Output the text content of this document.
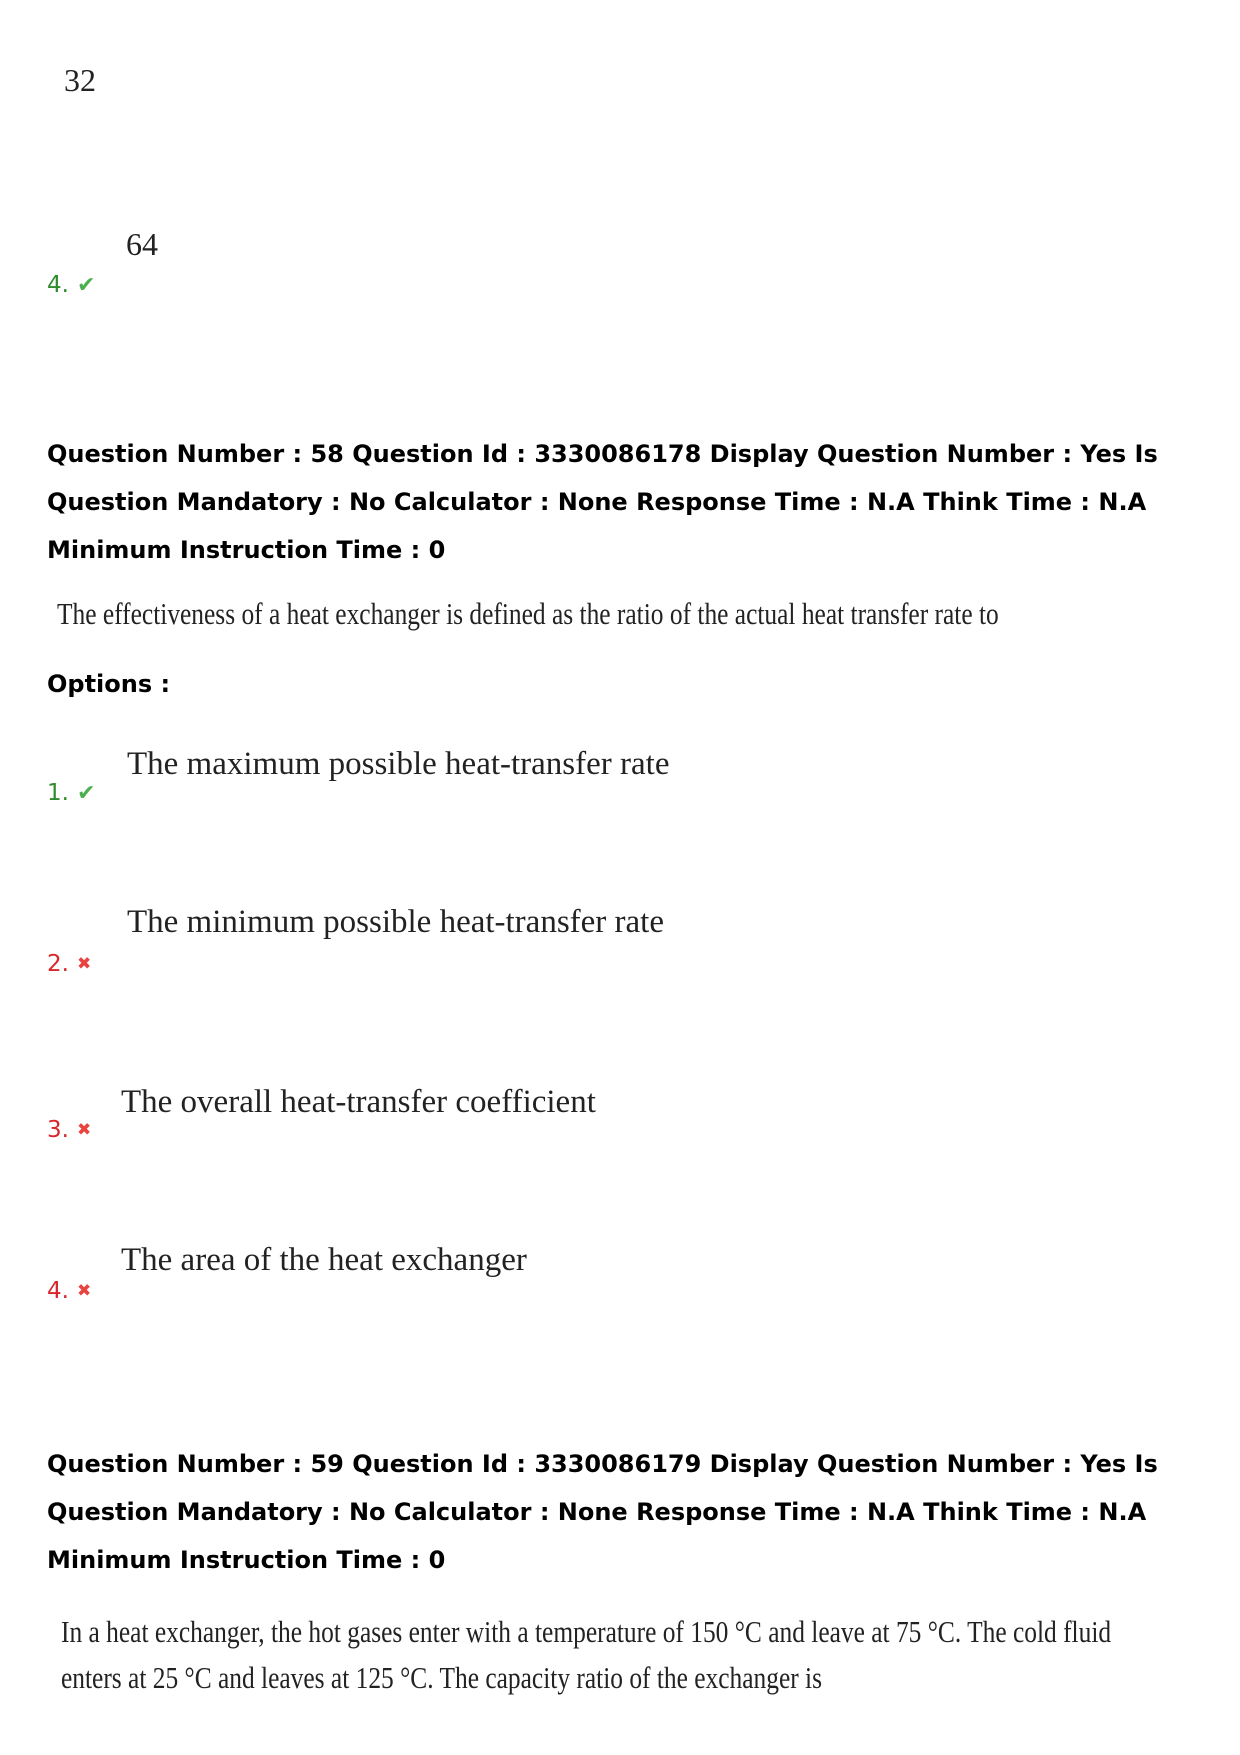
32
64
4. ✔
Question Number : 58 Question Id : 3330086178 Display Question Number : Yes Is Question Mandatory : No Calculator : None Response Time : N.A Think Time : N.A Minimum Instruction Time : 0
The effectiveness of a heat exchanger is defined as the ratio of the actual heat transfer rate to
Options :
The maximum possible heat-transfer rate
1. ✔
The minimum possible heat-transfer rate
2. ✖
The overall heat-transfer coefficient
3. ✖
The area of the heat exchanger
4. ✖
Question Number : 59 Question Id : 3330086179 Display Question Number : Yes Is Question Mandatory : No Calculator : None Response Time : N.A Think Time : N.A Minimum Instruction Time : 0
In a heat exchanger, the hot gases enter with a temperature of 150 °C and leave at 75 °C. The cold fluid
enters at 25 °C and leaves at 125 °C. The capacity ratio of the exchanger is
